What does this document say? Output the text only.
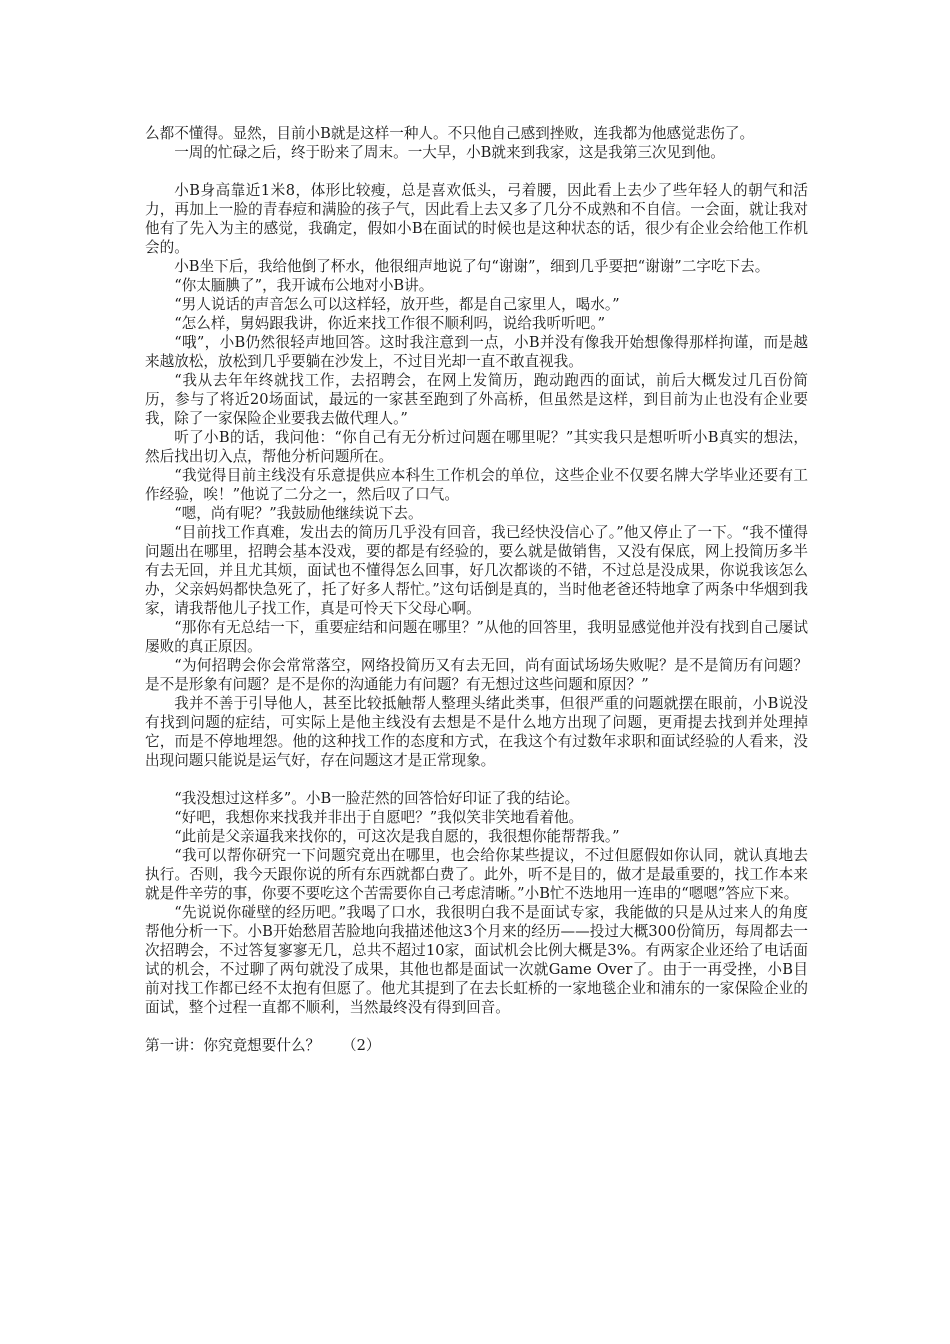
么都不懂得。显然，目前小B就是这样一种人。不只他自己感到挫败，连我都为他感觉悲伤了。

一周的忙碌之后，终于盼来了周末。一大早，小B就来到我家，这是我第三次见到他。

小B身高靠近1米8，体形比较瘦，总是喜欢低头，弓着腰，因此看上去少了些年轻人的朝气和活力，再加上一脸的青春痘和满脸的孩子气，因此看上去又多了几分不成熟和不自信。一会面，就让我对他有了先入为主的感觉，我确定，假如小B在面试的时候也是这种状态的话，很少有企业会给他工作机会的。

小B坐下后，我给他倒了杯水，他很细声地说了句“谢谢”，细到几乎要把“谢谢”二字吃下去。

“你太腼腆了”，我开诚布公地对小B讲。

“男人说话的声音怎么可以这样轻，放开些，都是自己家里人，喝水。”

“怎么样，舅妈跟我讲，你近来找工作很不顺利吗，说给我听听吧。”

“哦”，小B仍然很轻声地回答。这时我注意到一点，小B并没有像我开始想像得那样拘谨，而是越来越放松，放松到几乎要躺在沙发上，不过目光却一直不敢直视我。

“我从去年年终就找工作，去招聘会，在网上发简历，跑动跑西的面试，前后大概发过几百份简历，参与了将近20场面试，最远的一家甚至跑到了外高桥，但虽然是这样，到目前为止也没有企业要我，除了一家保险企业要我去做代理人。”

听了小B的话，我问他：“你自己有无分析过问题在哪里呢？”其实我只是想听听小B真实的想法，然后找出切入点，帮他分析问题所在。

“我觉得目前主线没有乐意提供应本科生工作机会的单位，这些企业不仅要名牌大学毕业还要有工作经验，唉！”他说了二分之一，然后叹了口气。

“嗯，尚有呢？”我鼓励他继续说下去。

“目前找工作真难，发出去的简历几乎没有回音，我已经快没信心了。”他又停止了一下。“我不懂得问题出在哪里，招聘会基本没戏，要的都是有经验的，要么就是做销售，又没有保底，网上投简历多半有去无回，并且尤其烦，面试也不懂得怎么回事，好几次都谈的不错，不过总是没成果，你说我该怎么办，父亲妈妈都快急死了，托了好多人帮忙。”这句话倒是真的，当时他老爸还特地拿了两条中华烟到我家，请我帮他儿子找工作，真是可怜天下父母心啊。

“那你有无总结一下，重要症结和问题在哪里？”从他的回答里，我明显感觉他并没有找到自己屡试屡败的真正原因。

“为何招聘会你会常常落空，网络投简历又有去无回，尚有面试场场失败呢？是不是简历有问题？是不是形象有问题？是不是你的沟通能力有问题？有无想过这些问题和原因？”

我并不善于引导他人，甚至比较抵触帮人整理头绪此类事，但很严重的问题就摆在眼前，小B说没有找到问题的症结，可实际上是他主线没有去想是不是什么地方出现了问题，更甭提去找到并处理掉它，而是不停地埋怨。他的这种找工作的态度和方式，在我这个有过数年求职和面试经验的人看来，没出现问题只能说是运气好，存在问题这才是正常现象。

“我没想过这样多”。小B一脸茫然的回答恰好印证了我的结论。

“好吧，我想你来找我并非出于自愿吧？”我似笑非笑地看着他。

“此前是父亲逼我来找你的，可这次是我自愿的，我很想你能帮帮我。”

“我可以帮你研究一下问题究竟出在哪里，也会给你某些提议，不过但愿假如你认同，就认真地去执行。否则，我今天跟你说的所有东西就都白费了。此外，听不是目的，做才是最重要的，找工作本来就是件辛劳的事，你要不要吃这个苦需要你自己考虑清晰。”小B忙不迭地用一连串的“嗯嗯”答应下来。

“先说说你碰壁的经历吧。”我喝了口水，我很明白我不是面试专家，我能做的只是从过来人的角度帮他分析一下。小B开始愁眉苦脸地向我描述他这3个月来的经历——投过大概300份简历，每周都去一次招聘会，不过答复寥寥无几，总共不超过10家，面试机会比例大概是3%。有两家企业还给了电话面试的机会，不过聊了两句就没了成果，其他也都是面试一次就Game Over了。由于一再受挫，小B目前对找工作都已经不太抱有但愿了。他尤其提到了在去长虹桥的一家地毯企业和浦东的一家保险企业的面试，整个过程一直都不顺利，当然最终没有得到回音。

第一讲：你究竟想要什么？　　（2）
